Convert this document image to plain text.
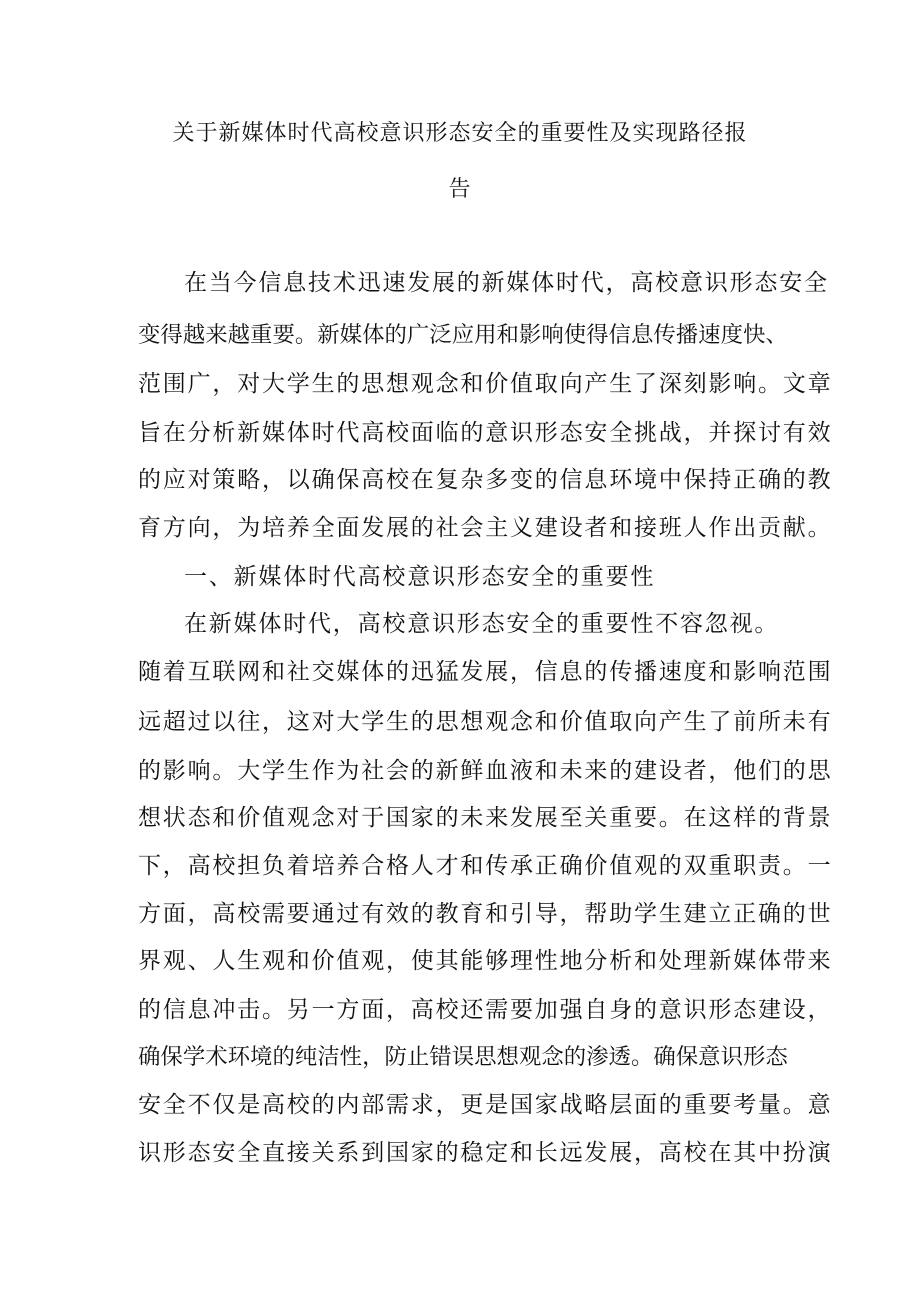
关于新媒体时代高校意识形态安全的重要性及实现路径报
告
在当今信息技术迅速发展的新媒体时代，高校意识形态安全
变得越来越重要。新媒体的广泛应用和影响使得信息传播速度快、
范围广，对大学生的思想观念和价值取向产生了深刻影响。文章
旨在分析新媒体时代高校面临的意识形态安全挑战，并探讨有效
的应对策略，以确保高校在复杂多变的信息环境中保持正确的教
育方向，为培养全面发展的社会主义建设者和接班人作出贡献。
一、新媒体时代高校意识形态安全的重要性
在新媒体时代，高校意识形态安全的重要性不容忽视。
随着互联网和社交媒体的迅猛发展，信息的传播速度和影响范围
远超过以往，这对大学生的思想观念和价值取向产生了前所未有
的影响。大学生作为社会的新鲜血液和未来的建设者，他们的思
想状态和价值观念对于国家的未来发展至关重要。在这样的背景
下，高校担负着培养合格人才和传承正确价值观的双重职责。一
方面，高校需要通过有效的教育和引导，帮助学生建立正确的世
界观、人生观和价值观，使其能够理性地分析和处理新媒体带来
的信息冲击。另一方面，高校还需要加强自身的意识形态建设，
确保学术环境的纯洁性，防止错误思想观念的渗透。确保意识形态
安全不仅是高校的内部需求，更是国家战略层面的重要考量。意
识形态安全直接关系到国家的稳定和长远发展，高校在其中扮演
